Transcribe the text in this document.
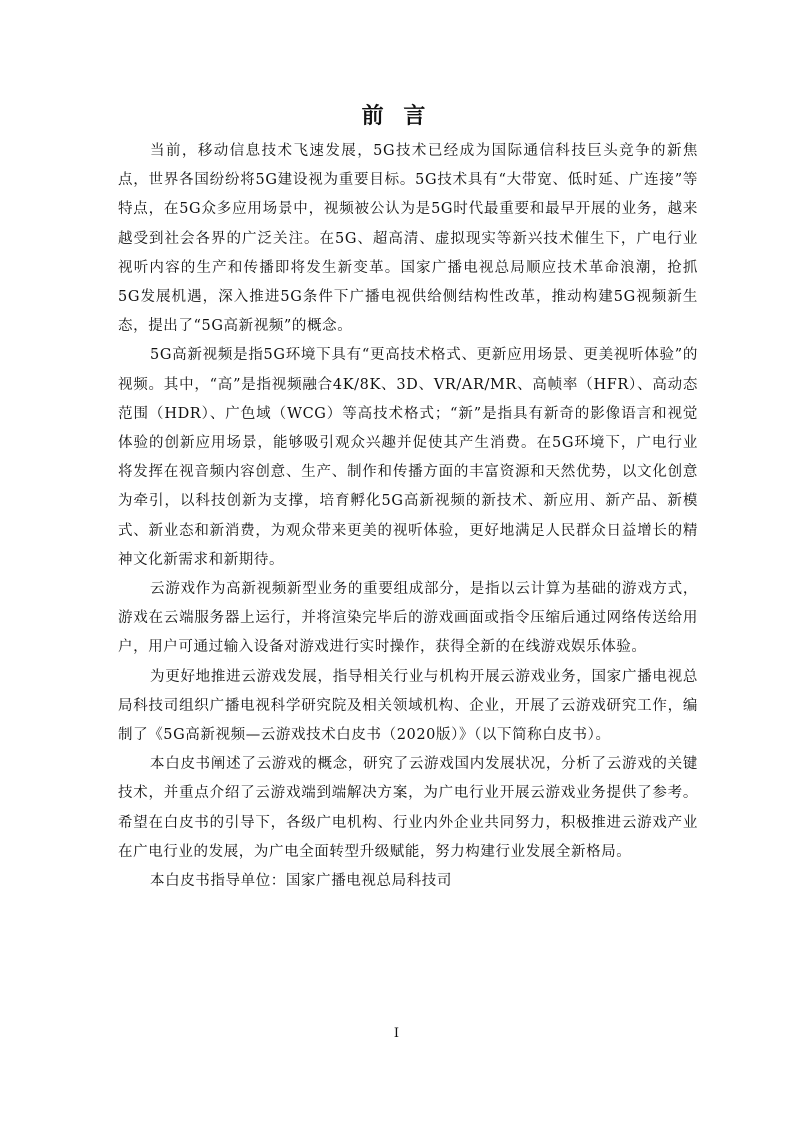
前 言

当前，移动信息技术飞速发展，5G技术已经成为国际通信科技巨头竞争的新焦点，世界各国纷纷将5G建设视为重要目标。5G技术具有“大带宽、低时延、广连接”等特点，在5G众多应用场景中，视频被公认为是5G时代最重要和最早开展的业务，越来越受到社会各界的广泛关注。在5G、超高清、虚拟现实等新兴技术催生下，广电行业视听内容的生产和传播即将发生新变革。国家广播电视总局顺应技术革命浪潮，抢抓5G发展机遇，深入推进5G条件下广播电视供给侧结构性改革，推动构建5G视频新生态，提出了“5G高新视频”的概念。

5G高新视频是指5G环境下具有“更高技术格式、更新应用场景、更美视听体验”的视频。其中，“高”是指视频融合4K/8K、3D、VR/AR/MR、高帧率（HFR）、高动态范围（HDR）、广色域（WCG）等高技术格式；“新”是指具有新奇的影像语言和视觉体验的创新应用场景，能够吸引观众兴趣并促使其产生消费。在5G环境下，广电行业将发挥在视音频内容创意、生产、制作和传播方面的丰富资源和天然优势，以文化创意为牵引，以科技创新为支撑，培育孵化5G高新视频的新技术、新应用、新产品、新模式、新业态和新消费，为观众带来更美的视听体验，更好地满足人民群众日益增长的精神文化新需求和新期待。

云游戏作为高新视频新型业务的重要组成部分，是指以云计算为基础的游戏方式，游戏在云端服务器上运行，并将渲染完毕后的游戏画面或指令压缩后通过网络传送给用户，用户可通过输入设备对游戏进行实时操作，获得全新的在线游戏娱乐体验。

为更好地推进云游戏发展，指导相关行业与机构开展云游戏业务，国家广播电视总局科技司组织广播电视科学研究院及相关领域机构、企业，开展了云游戏研究工作，编制了《5G高新视频—云游戏技术白皮书（2020版）》（以下简称白皮书）。

本白皮书阐述了云游戏的概念，研究了云游戏国内发展状况，分析了云游戏的关键技术，并重点介绍了云游戏端到端解决方案，为广电行业开展云游戏业务提供了参考。希望在白皮书的引导下，各级广电机构、行业内外企业共同努力，积极推进云游戏产业在广电行业的发展，为广电全面转型升级赋能，努力构建行业发展全新格局。

本白皮书指导单位：国家广播电视总局科技司

I
